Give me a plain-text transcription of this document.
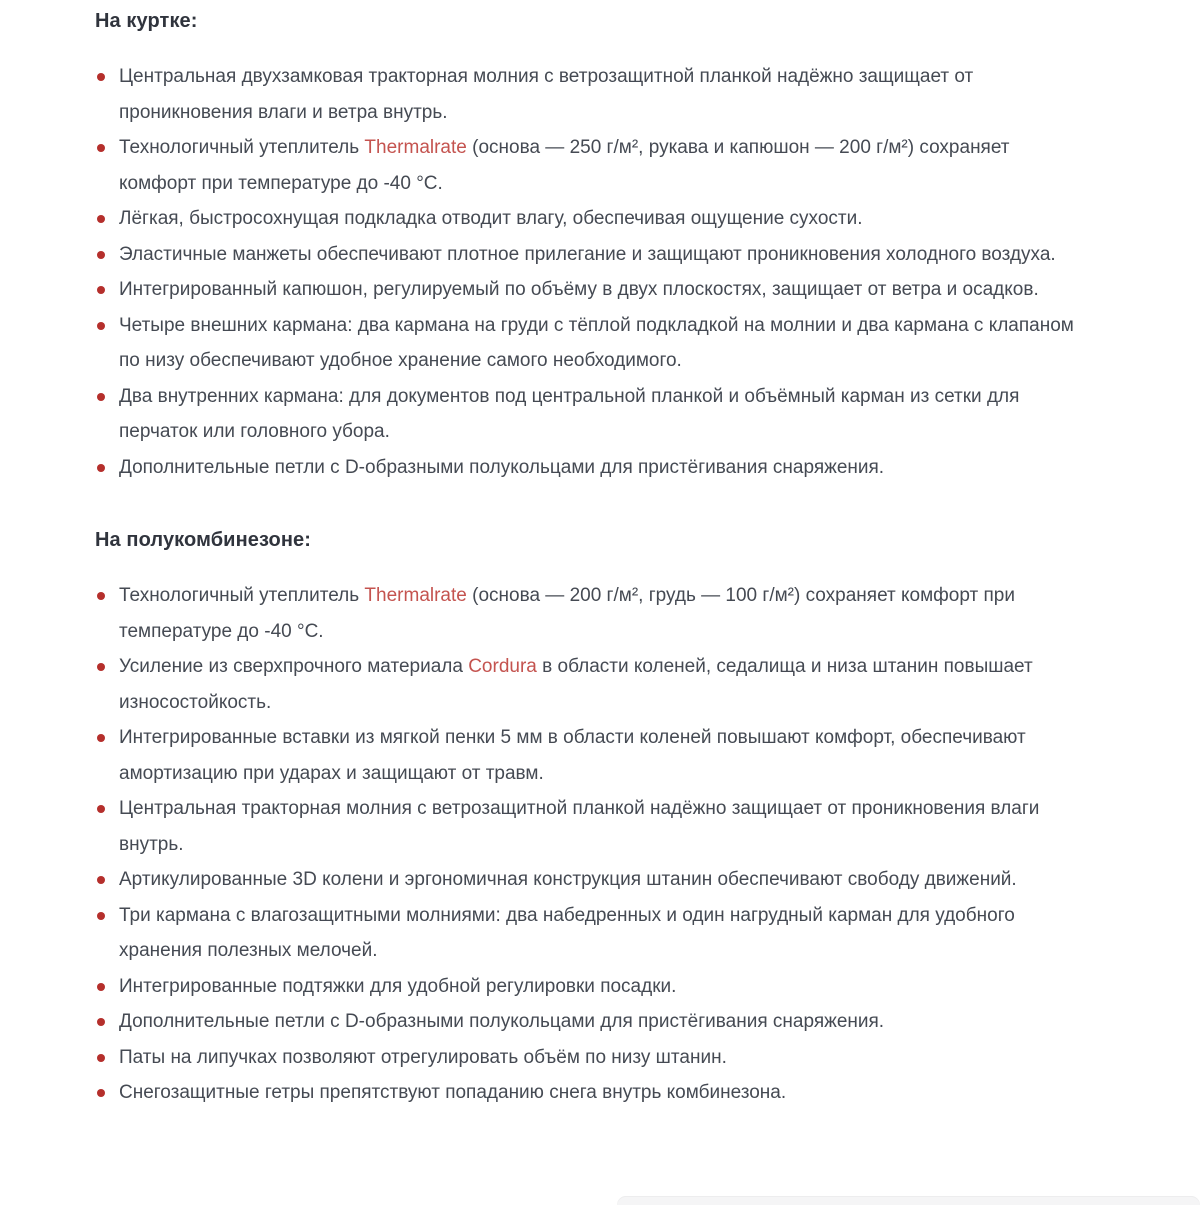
На куртке:
Центральная двухзамковая тракторная молния с ветрозащитной планкой надёжно защищает от проникновения влаги и ветра внутрь.
Технологичный утеплитель Thermalrate (основа — 250 г/м², рукава и капюшон — 200 г/м²) сохраняет комфорт при температуре до -40 °C.
Лёгкая, быстросохнущая подкладка отводит влагу, обеспечивая ощущение сухости.
Эластичные манжеты обеспечивают плотное прилегание и защищают проникновения холодного воздуха.
Интегрированный капюшон, регулируемый по объёму в двух плоскостях, защищает от ветра и осадков.
Четыре внешних кармана: два кармана на груди с тёплой подкладкой на молнии и два кармана с клапаном по низу обеспечивают удобное хранение самого необходимого.
Два внутренних кармана: для документов под центральной планкой и объёмный карман из сетки для перчаток или головного убора.
Дополнительные петли с D-образными полукольцами для пристёгивания снаряжения.
На полукомбинезоне:
Технологичный утеплитель Thermalrate (основа — 200 г/м², грудь — 100 г/м²) сохраняет комфорт при температуре до -40 °C.
Усиление из сверхпрочного материала Cordura в области коленей, седалища и низа штанин повышает износостойкость.
Интегрированные вставки из мягкой пенки 5 мм в области коленей повышают комфорт, обеспечивают амортизацию при ударах и защищают от травм.
Центральная тракторная молния с ветрозащитной планкой надёжно защищает от проникновения влаги внутрь.
Артикулированные 3D колени и эргономичная конструкция штанин обеспечивают свободу движений.
Три кармана с влагозащитными молниями: два набедренных и один нагрудный карман для удобного хранения полезных мелочей.
Интегрированные подтяжки для удобной регулировки посадки.
Дополнительные петли с D-образными полукольцами для пристёгивания снаряжения.
Паты на липучках позволяют отрегулировать объём по низу штанин.
Снегозащитные гетры препятствуют попаданию снега внутрь комбинезона.
